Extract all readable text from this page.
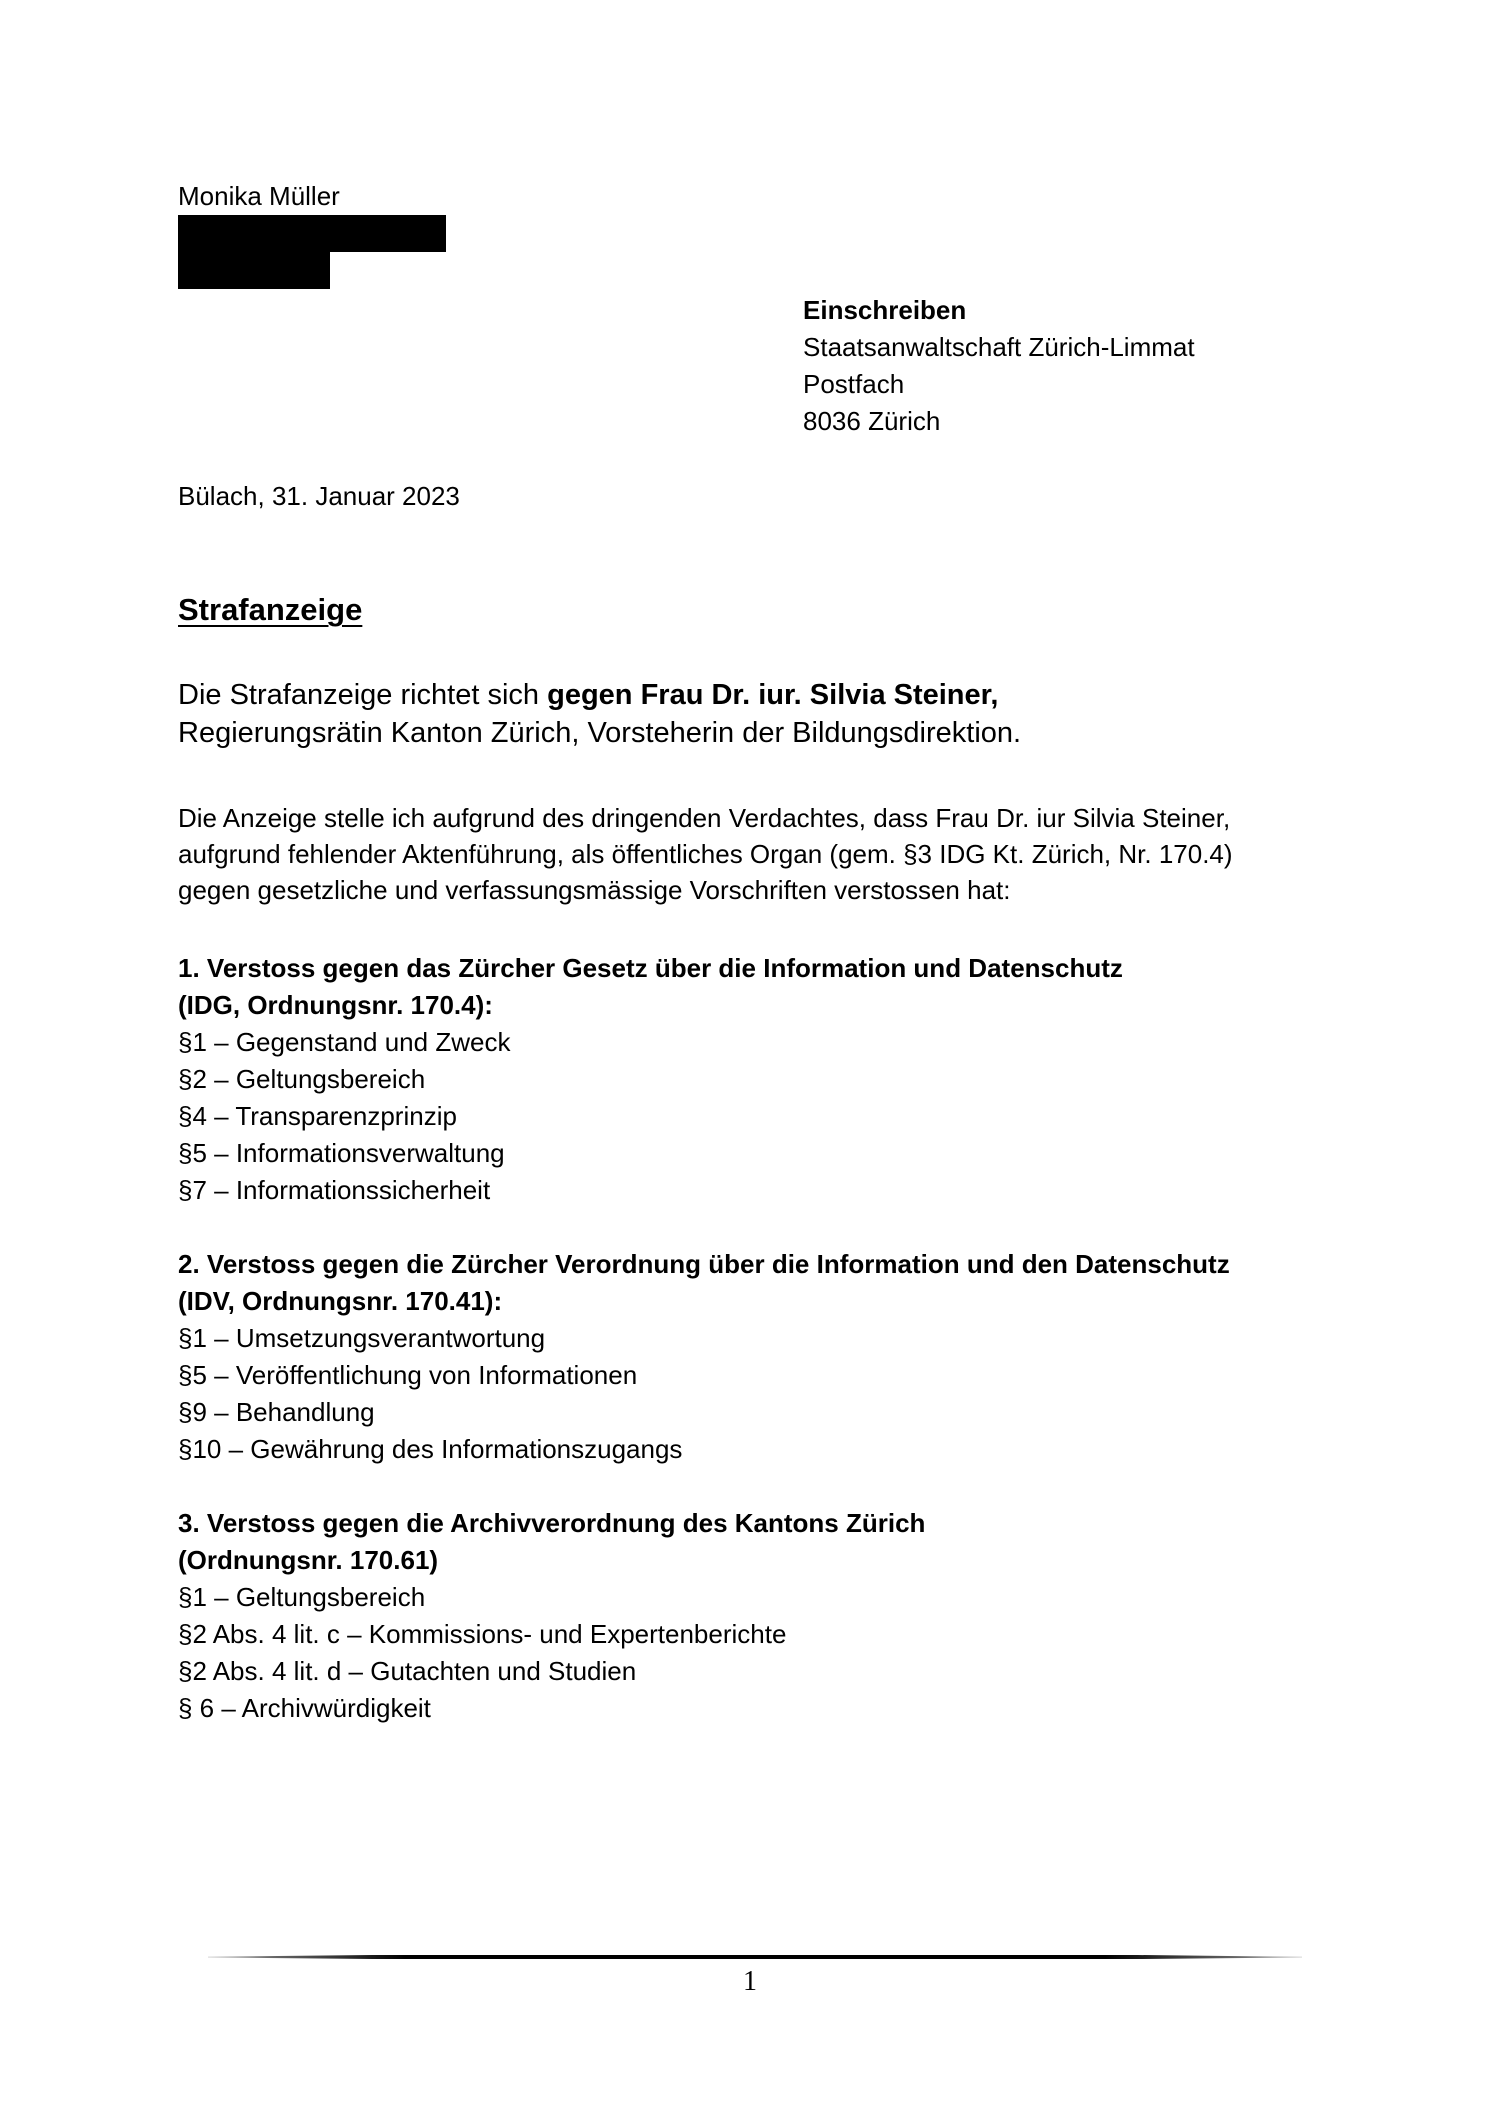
Monika Müller
Einschreiben
Staatsanwaltschaft Zürich-Limmat
Postfach
8036 Zürich
Bülach, 31. Januar 2023
Strafanzeige
Die Strafanzeige richtet sich gegen Frau Dr. iur. Silvia Steiner,
Regierungsrätin Kanton Zürich, Vorsteherin der Bildungsdirektion.
Die Anzeige stelle ich aufgrund des dringenden Verdachtes, dass Frau Dr. iur Silvia Steiner,
aufgrund fehlender Aktenführung, als öffentliches Organ (gem. §3 IDG Kt. Zürich, Nr. 170.4)
gegen gesetzliche und verfassungsmässige Vorschriften verstossen hat:
1. Verstoss gegen das Zürcher Gesetz über die Information und Datenschutz
(IDG, Ordnungsnr. 170.4):
§1 – Gegenstand und Zweck
§2 – Geltungsbereich
§4 – Transparenzprinzip
§5 – Informationsverwaltung
§7 – Informationssicherheit
2. Verstoss gegen die Zürcher Verordnung über die Information und den Datenschutz
(IDV, Ordnungsnr. 170.41):
§1 – Umsetzungsverantwortung
§5 – Veröffentlichung von Informationen
§9 – Behandlung
§10 – Gewährung des Informationszugangs
3. Verstoss gegen die Archivverordnung des Kantons Zürich
(Ordnungsnr. 170.61)
§1 – Geltungsbereich
§2 Abs. 4 lit. c – Kommissions- und Expertenberichte
§2 Abs. 4 lit. d – Gutachten und Studien
§ 6 – Archivwürdigkeit
1
